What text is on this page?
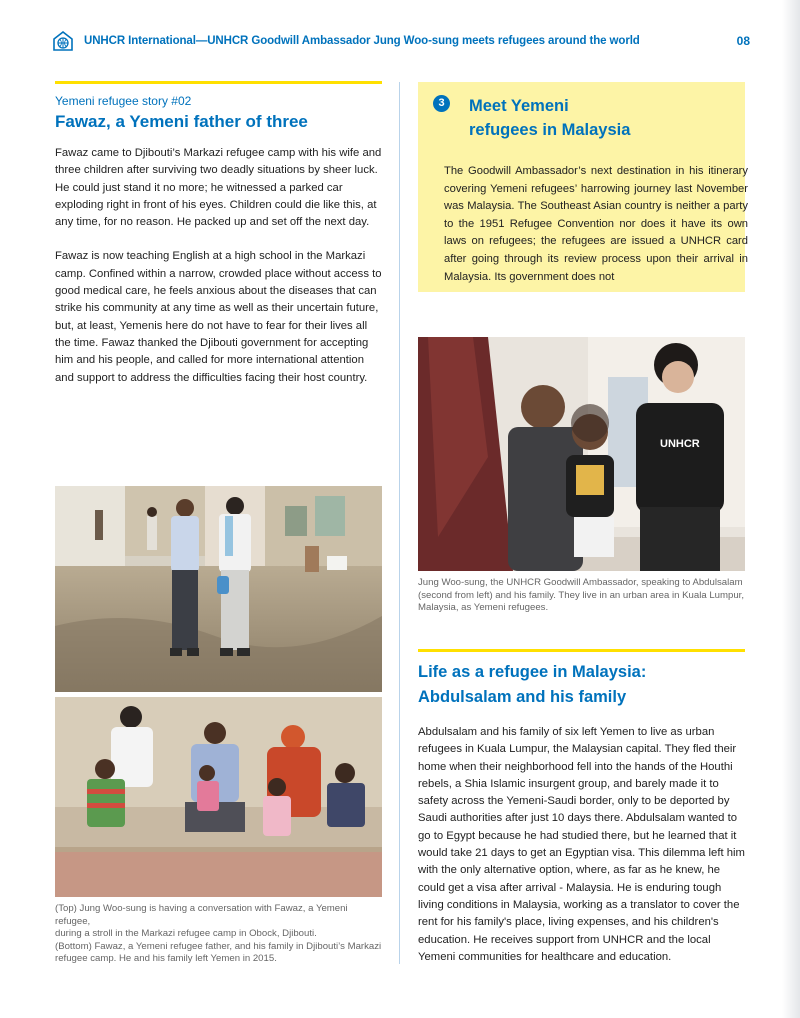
UNHCR International—UNHCR Goodwill Ambassador Jung Woo-sung meets refugees around the world	08
Yemeni refugee story #02
Fawaz, a Yemeni father of three

Fawaz came to Djibouti’s Markazi refugee camp with his wife and three children after surviving two deadly situations by sheer luck. He could just stand it no more; he witnessed a parked car exploding right in front of his eyes. Children could die like this, at any time, for no reason. He packed up and set off the next day.

Fawaz is now teaching English at a high school in the Markazi camp. Confined within a narrow, crowded place without access to good medical care, he feels anxious about the diseases that can strike his community at any time as well as their uncertain future, but, at least, Yemenis here do not have to fear for their lives all the time. Fawaz thanked the Djibouti government for accepting him and his people, and called for more international attention and support to address the difficulties facing their host country.

(Top) Jung Woo-sung is having a conversation with Fawaz, a Yemeni refugee,
during a stroll in the Markazi refugee camp in Obock, Djibouti.
(Bottom) Fawaz, a Yemeni refugee father, and his family in Djibouti’s Markazi
refugee camp. He and his family left Yemen in 2015.
3	Meet Yemeni
refugees in Malaysia
The Goodwill Ambassador’s next destination in his itinerary covering Yemeni refugees’ harrowing journey last November was Malaysia. The Southeast Asian country is neither a party to the 1951 Refugee Convention nor does it have its own laws on refugees; the refugees are issued a UNHCR card after going through its review process upon their arrival in Malaysia. Its government does not
UNHCR
Jung Woo-sung, the UNHCR Goodwill Ambassador, speaking to Abdulsalam
(second from left) and his family. They live in an urban area in Kuala Lumpur,
Malaysia, as Yemeni refugees.
Life as a refugee in Malaysia:
Abdulsalam and his family
Abdulsalam and his family of six left Yemen to live as urban refugees in Kuala Lumpur, the Malaysian capital. They fled their home when their neighborhood fell into the hands of the Houthi rebels, a Shia Islamic insurgent group, and barely made it to safety across the Yemeni-Saudi border, only to be deported by Saudi authorities after just 10 days there. Abdulsalam wanted to go to Egypt because he had studied there, but he learned that it would take 21 days to get an Egyptian visa. This dilemma left him with the only alternative option, where, as far as he knew, he could get a visa after arrival - Malaysia. He is enduring tough living conditions in Malaysia, working as a translator to cover the rent for his family's place, living expenses, and his children's education. He receives support from UNHCR and the local Yemeni communities for healthcare and education.
